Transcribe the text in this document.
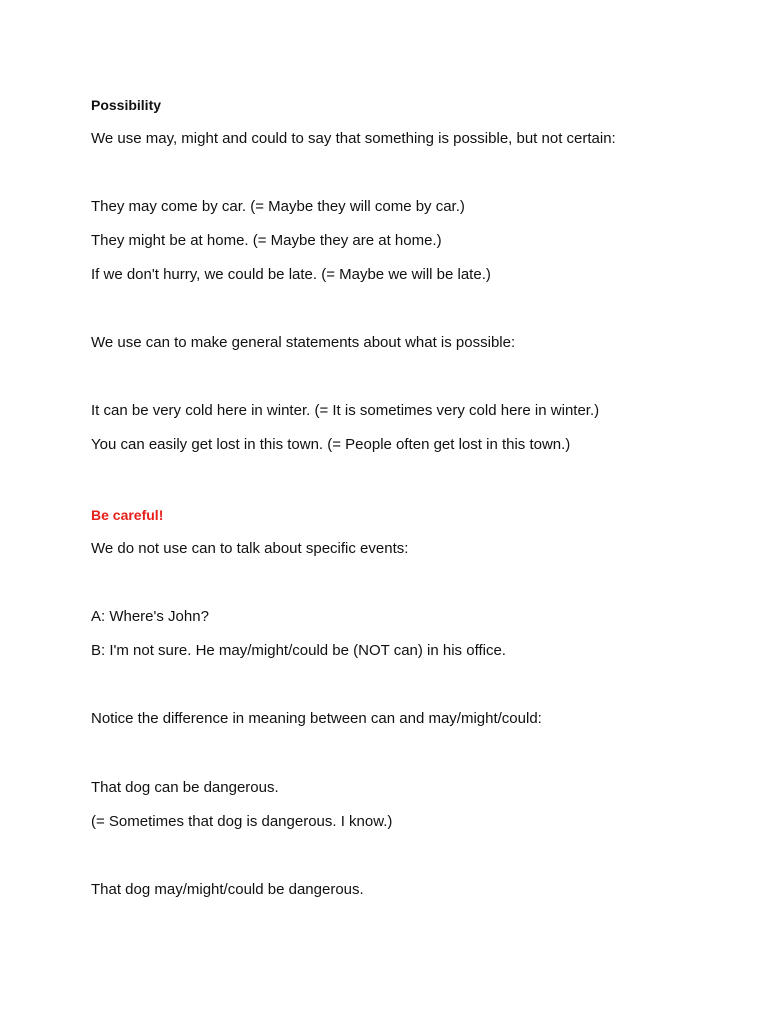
Possibility
We use may, might and could to say that something is possible, but not certain:
They may come by car. (= Maybe they will come by car.)
They might be at home. (= Maybe they are at home.)
If we don't hurry, we could be late. (= Maybe we will be late.)
We use can to make general statements about what is possible:
It can be very cold here in winter. (= It is sometimes very cold here in winter.)
You can easily get lost in this town. (= People often get lost in this town.)
Be careful!
We do not use can to talk about specific events:
A: Where's John?
B: I'm not sure. He may/might/could be (NOT can) in his office.
Notice the difference in meaning between can and may/might/could:
That dog can be dangerous.
(= Sometimes that dog is dangerous. I know.)
That dog may/might/could be dangerous.
